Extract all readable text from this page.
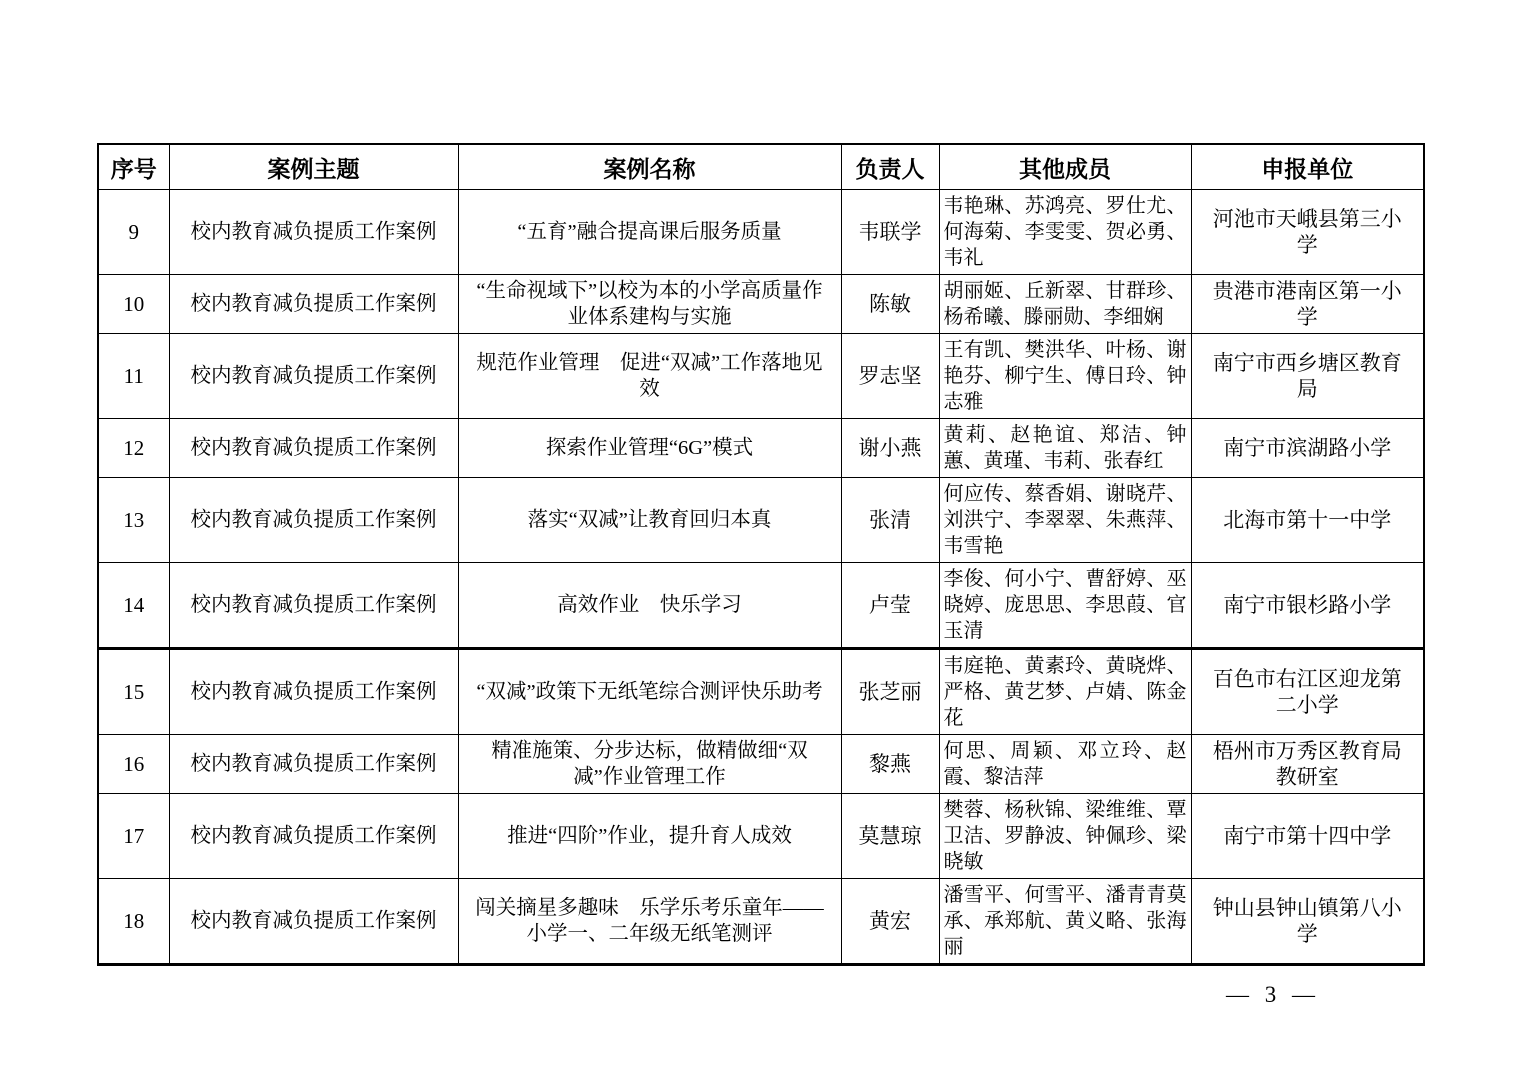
序号	案例主题	案例名称	负责人	其他成员	申报单位
9	校内教育减负提质工作案例	“五育”融合提高课后服务质量	韦联学	韦艳琳、苏鸿亮、罗仕尤、何海菊、李雯雯、贺必勇、韦礼	河池市天峨县第三小学
10	校内教育减负提质工作案例	“生命视域下”以校为本的小学高质量作业体系建构与实施	陈敏	胡丽姬、丘新翠、甘群珍、杨希曦、滕丽勋、李细娴	贵港市港南区第一小学
11	校内教育减负提质工作案例	规范作业管理　促进“双减”工作落地见效	罗志坚	王有凯、樊洪华、叶杨、谢艳芬、柳宁生、傅日玲、钟志雅	南宁市西乡塘区教育局
12	校内教育减负提质工作案例	探索作业管理“6G”模式	谢小燕	黄莉、赵艳谊、郑洁、钟蕙、黄瑾、韦莉、张春红	南宁市滨湖路小学
13	校内教育减负提质工作案例	落实“双减”让教育回归本真	张清	何应传、蔡香娟、谢晓芹、刘洪宁、李翠翠、朱燕萍、韦雪艳	北海市第十一中学
14	校内教育减负提质工作案例	高效作业　快乐学习	卢莹	李俊、何小宁、曹舒婷、巫晓婷、庞思思、李思葭、官玉清	南宁市银杉路小学
15	校内教育减负提质工作案例	“双减”政策下无纸笔综合测评快乐助考	张芝丽	韦庭艳、黄素玲、黄晓烨、严格、黄艺梦、卢婧、陈金花	百色市右江区迎龙第二小学
16	校内教育减负提质工作案例	精准施策、分步达标，做精做细“双减”作业管理工作	黎燕	何思、周颖、邓立玲、赵霞、黎洁萍	梧州市万秀区教育局教研室
17	校内教育减负提质工作案例	推进“四阶”作业，提升育人成效	莫慧琼	樊蓉、杨秋锦、梁维维、覃卫洁、罗静波、钟佩珍、梁晓敏	南宁市第十四中学
18	校内教育减负提质工作案例	闯关摘星多趣味　乐学乐考乐童年——小学一、二年级无纸笔测评	黄宏	潘雪平、何雪平、潘青青莫承、承郑航、黄义略、张海丽	钟山县钟山镇第八小学
— 3 —
